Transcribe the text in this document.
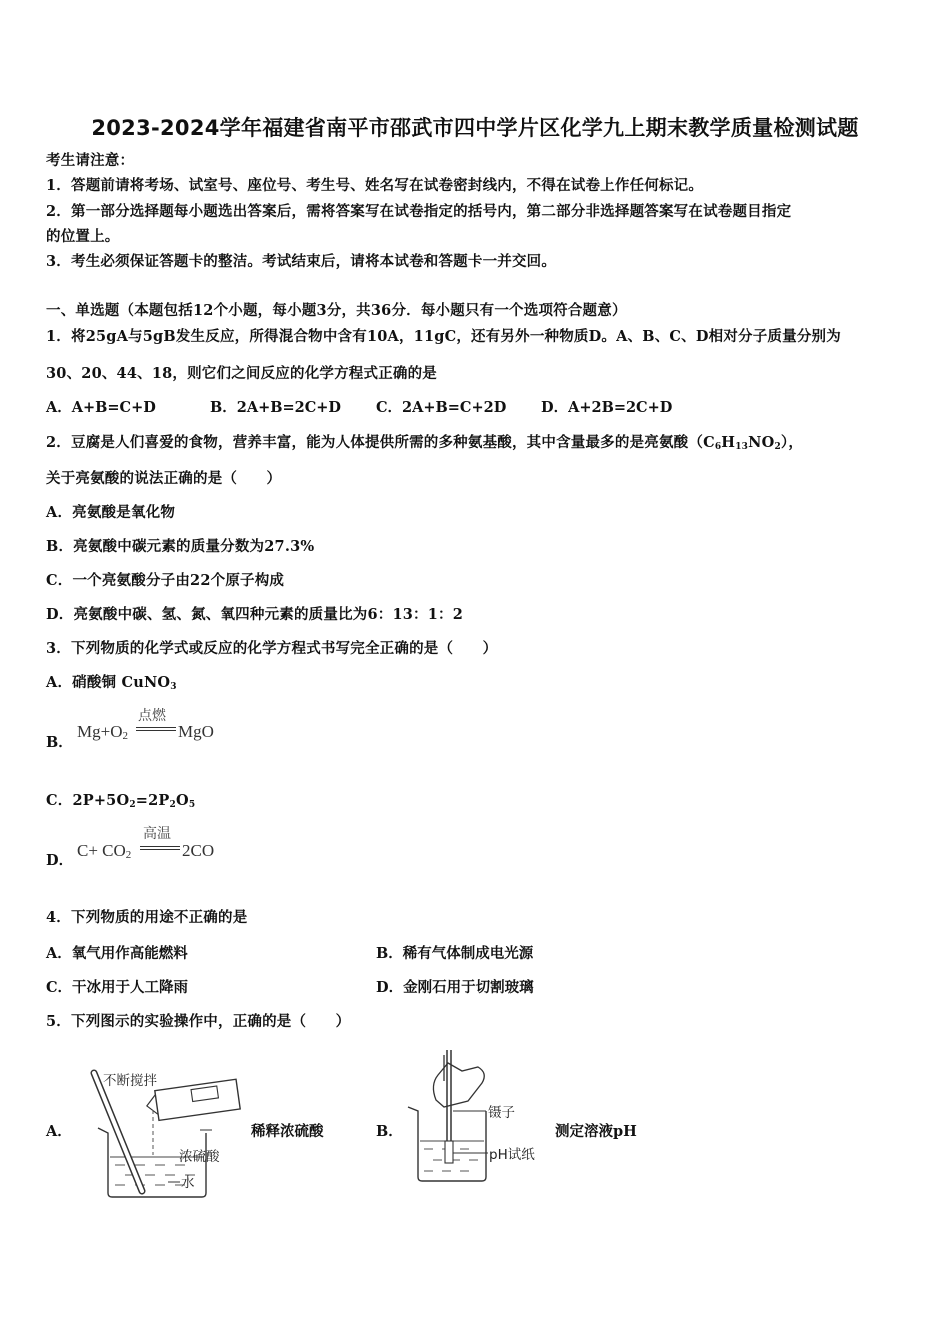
2023-2024学年福建省南平市邵武市四中学片区化学九上期末教学质量检测试题
考生请注意：
1．答题前请将考场、试室号、座位号、考生号、姓名写在试卷密封线内，不得在试卷上作任何标记。
2．第一部分选择题每小题选出答案后，需将答案写在试卷指定的括号内，第二部分非选择题答案写在试卷题目指定
的位置上。
3．考生必须保证答题卡的整洁。考试结束后，请将本试卷和答题卡一并交回。
一、单选题（本题包括12个小题，每小题3分，共36分．每小题只有一个选项符合题意）
1．将25gA与5gB发生反应，所得混合物中含有10A，11gC，还有另外一种物质D。A、B、C、D相对分子质量分别为
30、20、44、18，则它们之间反应的化学方程式正确的是
A．A+B=C+D	B．2A+B=2C+D C．2A+B=C+2D D．A+2B=2C+D
2．豆腐是人们喜爱的食物，营养丰富，能为人体提供所需的多种氨基酸，其中含量最多的是亮氨酸$(C_6H_{13}NO_2)$，
关于亮氨酸的说法正确的是（　　）
A．亮氨酸是氧化物
B．亮氨酸中碳元素的质量分数为27.3%
C．一个亮氨酸分子由22个原子构成
D．亮氨酸中碳、氢、氮、氧四种元素的质量比为6：13：1：2
3．下列物质的化学式或反应的化学方程式书写完全正确的是（　　）
A．硝酸铜 CuNO$_3$
B．
点燃
$Mg+O_2$	MgO
C．$2P+5O_2=2P_2O_5$
D．
高温
$C+ CO_2$	2CO
4．下列物质的用途不正确的是
A．氧气用作高能燃料	B．稀有气体制成电光源
C．干冰用于人工降雨	D．金刚石用于切割玻璃
5．下列图示的实验操作中，正确的是（　　）
A．
不断搅拌
浓硫酸
水
稀释浓硫酸	B．
镊子
pH试纸
测定溶液pH
